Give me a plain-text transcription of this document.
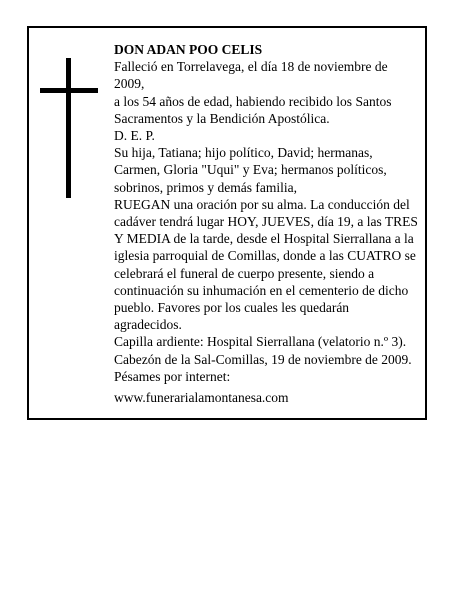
DON ADAN POO CELIS

Falleció en Torrelavega, el día 18 de noviembre de 2009,

a los 54 años de edad, habiendo recibido los Santos Sacramentos y la Bendición Apostólica.

D. E. P.

Su hija, Tatiana; hijo político, David; hermanas, Carmen, Gloria "Uqui" y Eva; hermanos políticos, sobrinos, primos y demás familia,

RUEGAN una oración por su alma. La conducción del cadáver tendrá lugar HOY, JUEVES, día 19, a las TRES Y MEDIA de la tarde, desde el Hospital Sierrallana a la iglesia parroquial de Comillas, donde a las CUATRO se celebrará el funeral de cuerpo presente, siendo a continuación su inhumación en el cementerio de dicho pueblo. Favores por los cuales les quedarán agradecidos.

Capilla ardiente: Hospital Sierrallana (velatorio n.º 3).

Cabezón de la Sal-Comillas, 19 de noviembre de 2009.

Pésames por internet:

www.funerarialamontanesa.com
